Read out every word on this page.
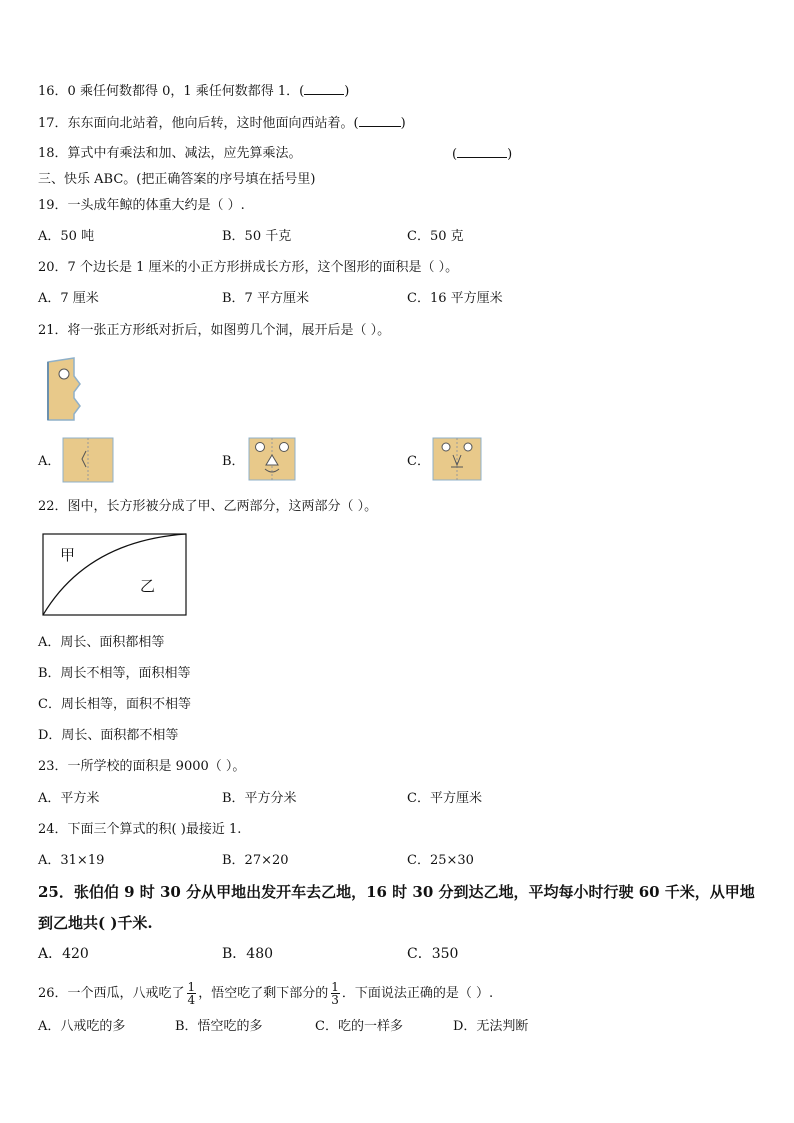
16．0 乘任何数都得 0，1 乘任何数都得 1．(	)
17．东东面向北站着，他向后转，这时他面向西站着。(	)
18．算式中有乘法和加、减法，应先算乘法。	(	)
三、快乐 ABC。(把正确答案的序号填在括号里)
19．一头成年鲸的体重大约是（ ）.
A．50 吨	B．50 千克	C．50 克
20．7 个边长是 1 厘米的小正方形拼成长方形，这个图形的面积是（ ）。
A．7 厘米	B．7 平方厘米	C．16 平方厘米
21．将一张正方形纸对折后，如图剪几个洞，展开后是（ ）。
A．	B．	C．
22．图中，长方形被分成了甲、乙两部分，这两部分（ ）。
甲
乙
A．周长、面积都相等
B．周长不相等，面积相等
C．周长相等，面积不相等
D．周长、面积都不相等
23．一所学校的面积是 9000（ ）。
A．平方米	B．平方分米	C．平方厘米
24．下面三个算式的积( )最接近 1.
A．31×19	B．27×20	C．25×30
25．张伯伯 9 时 30 分从甲地出发开车去乙地，16 时 30 分到达乙地，平均每小时行驶 60 千米，从甲地
到乙地共( )千米.
A．420	B．480	C．350
26．一个西瓜，八戒吃了 $\frac{1}{4}$ ，悟空吃了剩下部分的 $\frac{1}{3}$ ．下面说法正确的是（ ）.
A．八戒吃的多	B．悟空吃的多	C．吃的一样多	D．无法判断
